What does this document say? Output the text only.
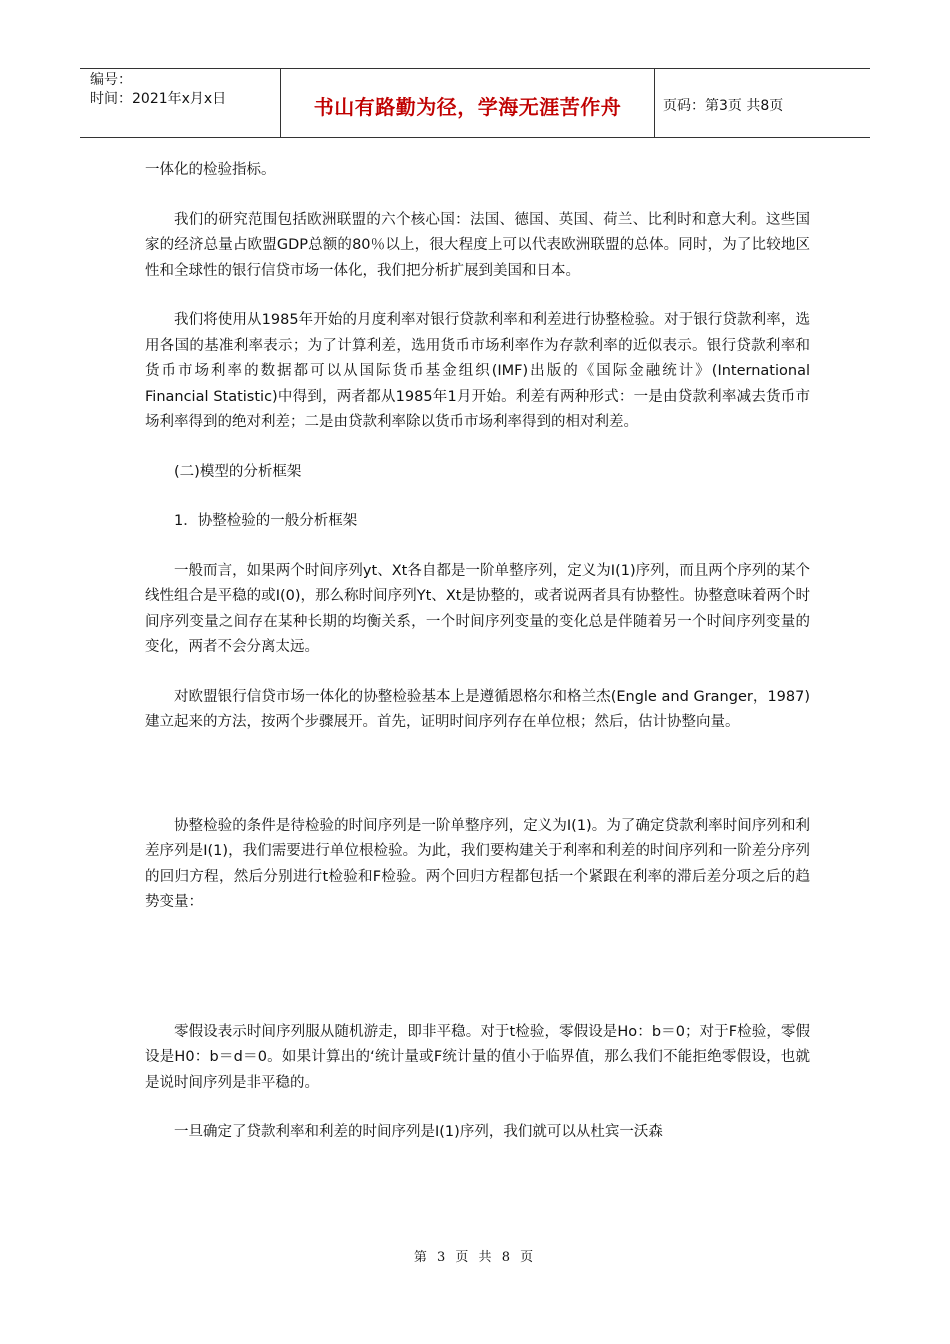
编号：
时间：2021年x月x日	书山有路勤为径，学海无涯苦作舟	页码：第3页 共8页

一体化的检验指标。

我们的研究范围包括欧洲联盟的六个核心国：法国、德国、英国、荷兰、比利时和意大利。这些国家的经济总量占欧盟GDP总额的80％以上，很大程度上可以代表欧洲联盟的总体。同时，为了比较地区性和全球性的银行信贷市场一体化，我们把分析扩展到美国和日本。

我们将使用从1985年开始的月度利率对银行贷款利率和利差进行协整检验。对于银行贷款利率，选用各国的基准利率表示；为了计算利差，选用货币市场利率作为存款利率的近似表示。银行贷款利率和货币市场利率的数据都可以从国际货币基金组织(IMF)出版的《国际金融统计》(International Financial Statistic)中得到，两者都从1985年1月开始。利差有两种形式：一是由贷款利率减去货币市场利率得到的绝对利差；二是由贷款利率除以货币市场利率得到的相对利差。

(二)模型的分析框架

1．协整检验的一般分析框架

一般而言，如果两个时间序列yt、Xt各自都是一阶单整序列，定义为I(1)序列，而且两个序列的某个线性组合是平稳的或I(0)，那么称时间序列Yt、Xt是协整的，或者说两者具有协整性。协整意味着两个时间序列变量之间存在某种长期的均衡关系，一个时间序列变量的变化总是伴随着另一个时间序列变量的变化，两者不会分离太远。

对欧盟银行信贷市场一体化的协整检验基本上是遵循恩格尔和格兰杰(Engle and Granger，1987)建立起来的方法，按两个步骤展开。首先，证明时间序列存在单位根；然后，估计协整向量。

协整检验的条件是待检验的时间序列是一阶单整序列，定义为I(1)。为了确定贷款利率时间序列和利差序列是I(1)，我们需要进行单位根检验。为此，我们要构建关于利率和利差的时间序列和一阶差分序列的回归方程，然后分别进行t检验和F检验。两个回归方程都包括一个紧跟在利率的滞后差分项之后的趋势变量：

零假设表示时间序列服从随机游走，即非平稳。对于t检验，零假设是Ho：b＝0；对于F检验，零假设是H0：b＝d＝0。如果计算出的‘统计量或F统计量的值小于临界值，那么我们不能拒绝零假设，也就是说时间序列是非平稳的。

一旦确定了贷款利率和利差的时间序列是I(1)序列，我们就可以从杜宾一沃森

第 3 页 共 8 页
